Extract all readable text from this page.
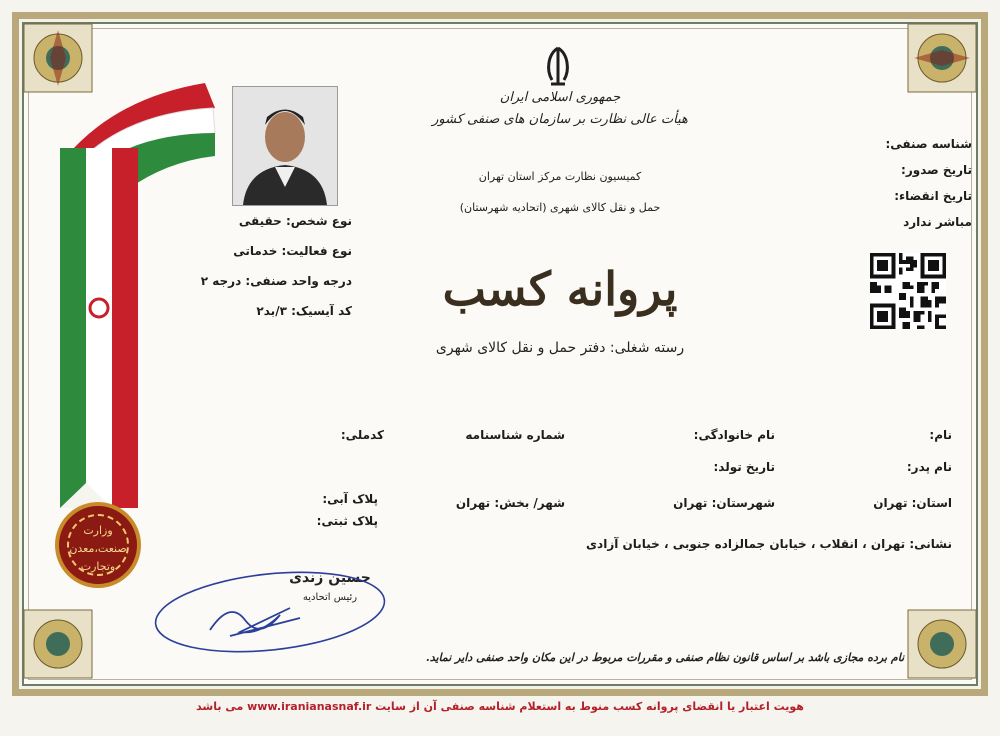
وزارت
صنعت،معدن
وتجارت
جمهوری اسلامی ایران
هیأت عالی نظارت بر سازمان های صنفی کشور
کمیسیون نظارت مرکز استان تهران
حمل و نقل کالای شهری (اتحادیه شهرستان)
پروانه کسب
رسته شغلی: دفتر حمل و نقل کالای شهری
شناسه صنفی:
تاریخ صدور:
تاریخ انقضاء:
مباشر ندارد
نوع شخص: حقیقی
نوع فعالیت: خدماتی
درجه واحد صنفی: درجه ۲
کد آیسیک: ۳/بد۲
نام:
نام خانوادگی:
شماره شناسنامه
کدملی:
نام پدر:
تاریخ تولد:
استان: تهران
شهرستان: تهران
شهر/ بخش: تهران
پلاک آبی:
پلاک ثبتی:
نشانی: تهران ، انقلاب ، خیابان جمالزاده جنوبی ، خیابان آزادی
حسین زندی
رئیس اتحادیه
نام برده مجازی باشد بر اساس قانون نظام صنفی و مقررات مربوط در این مکان واحد صنفی دایر نماید.
هویت اعتبار یا انقضای پروانه کسب منوط به استعلام شناسه صنفی آن از سایت www.iranianasnaf.ir می باشد
